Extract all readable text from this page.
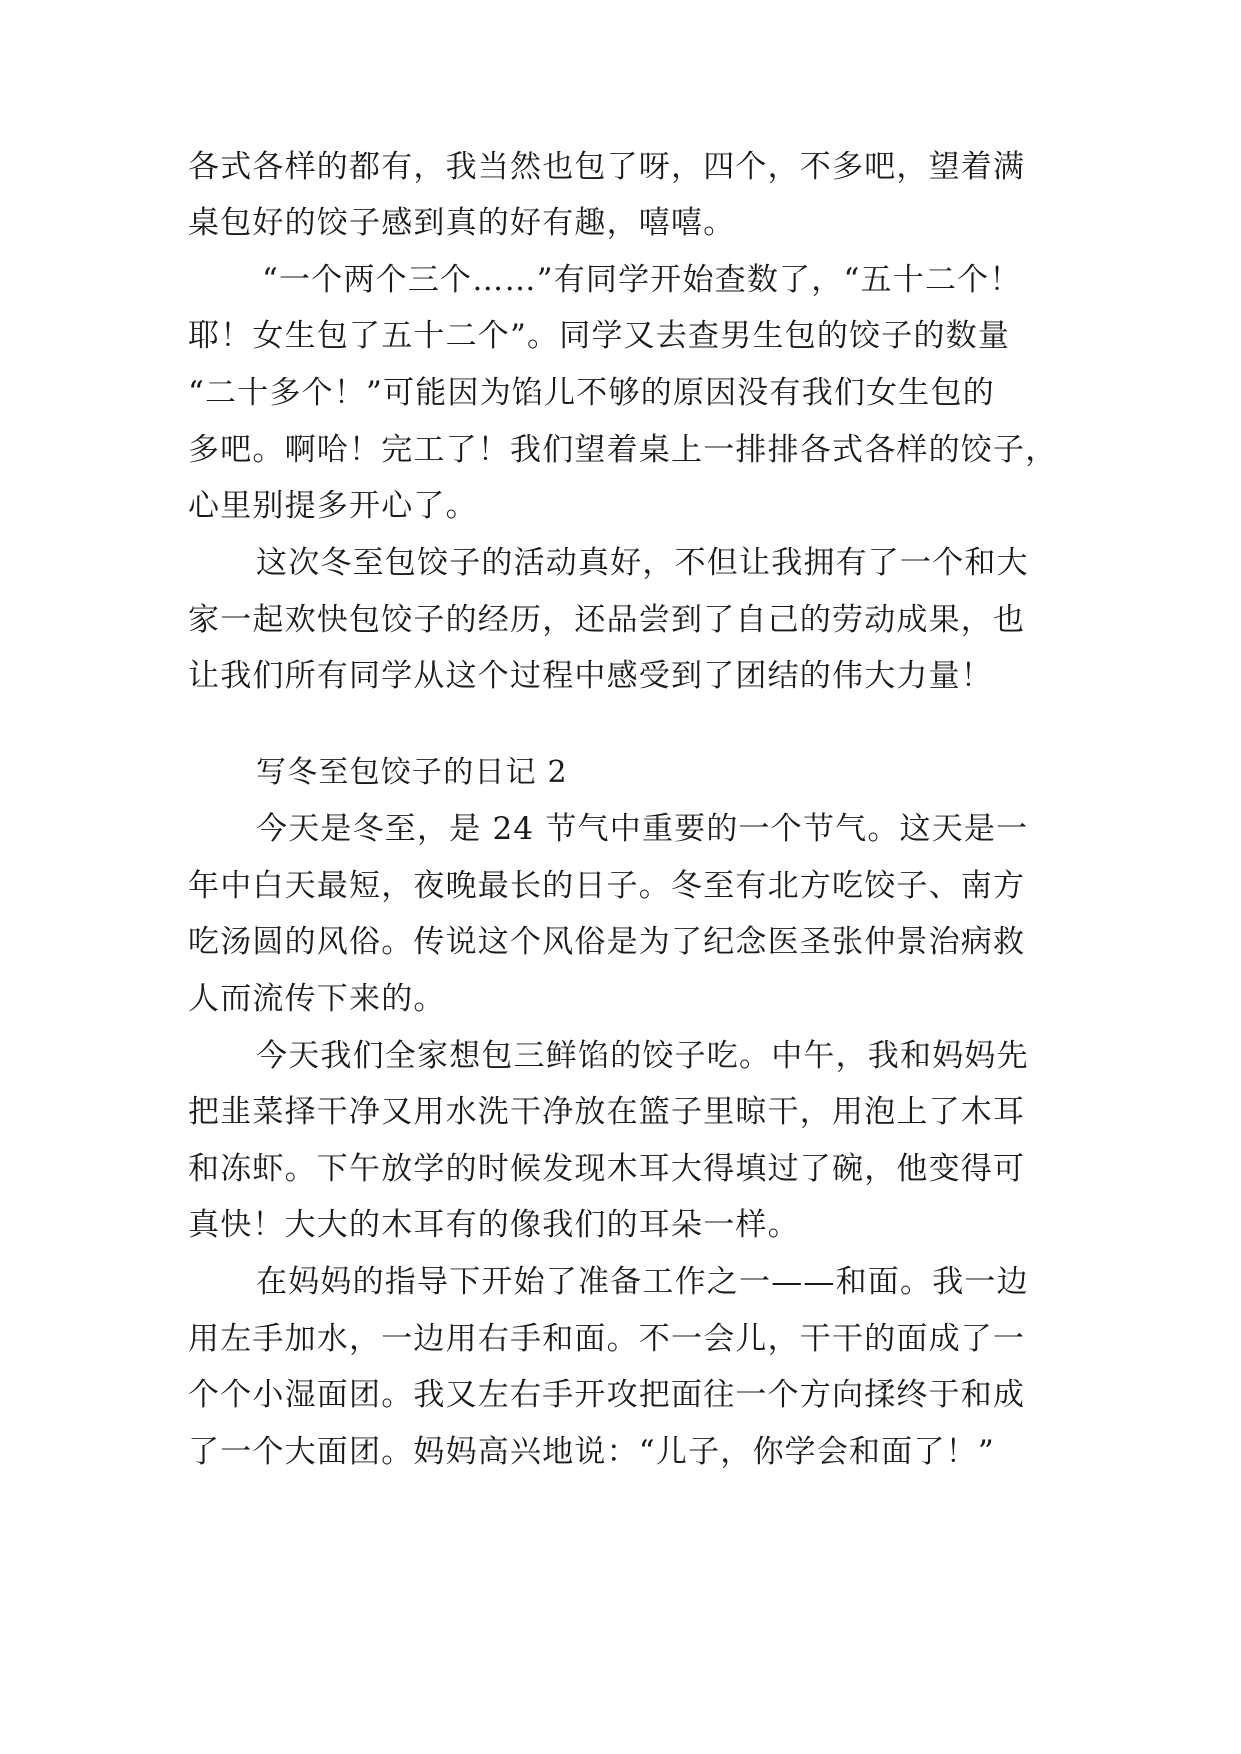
各式各样的都有，我当然也包了呀，四个，不多吧，望着满
桌包好的饺子感到真的好有趣，嘻嘻。
“一个两个三个……”有同学开始查数了，“五十二个！
耶！女生包了五十二个”。同学又去查男生包的饺子的数量
“二十多个！”可能因为馅儿不够的原因没有我们女生包的
多吧。啊哈！完工了！我们望着桌上一排排各式各样的饺子，
心里别提多开心了。
这次冬至包饺子的活动真好，不但让我拥有了一个和大
家一起欢快包饺子的经历，还品尝到了自己的劳动成果，也
让我们所有同学从这个过程中感受到了团结的伟大力量！
写冬至包饺子的日记 2
今天是冬至，是 24 节气中重要的一个节气。这天是一
年中白天最短，夜晚最长的日子。冬至有北方吃饺子、南方
吃汤圆的风俗。传说这个风俗是为了纪念医圣张仲景治病救
人而流传下来的。
今天我们全家想包三鲜馅的饺子吃。中午，我和妈妈先
把韭菜择干净又用水洗干净放在篮子里晾干，用泡上了木耳
和冻虾。下午放学的时候发现木耳大得填过了碗，他变得可
真快！大大的木耳有的像我们的耳朵一样。
在妈妈的指导下开始了准备工作之一——和面。我一边
用左手加水，一边用右手和面。不一会儿，干干的面成了一
个个小湿面团。我又左右手开攻把面往一个方向揉终于和成
了一个大面团。妈妈高兴地说：“儿子，你学会和面了！”
